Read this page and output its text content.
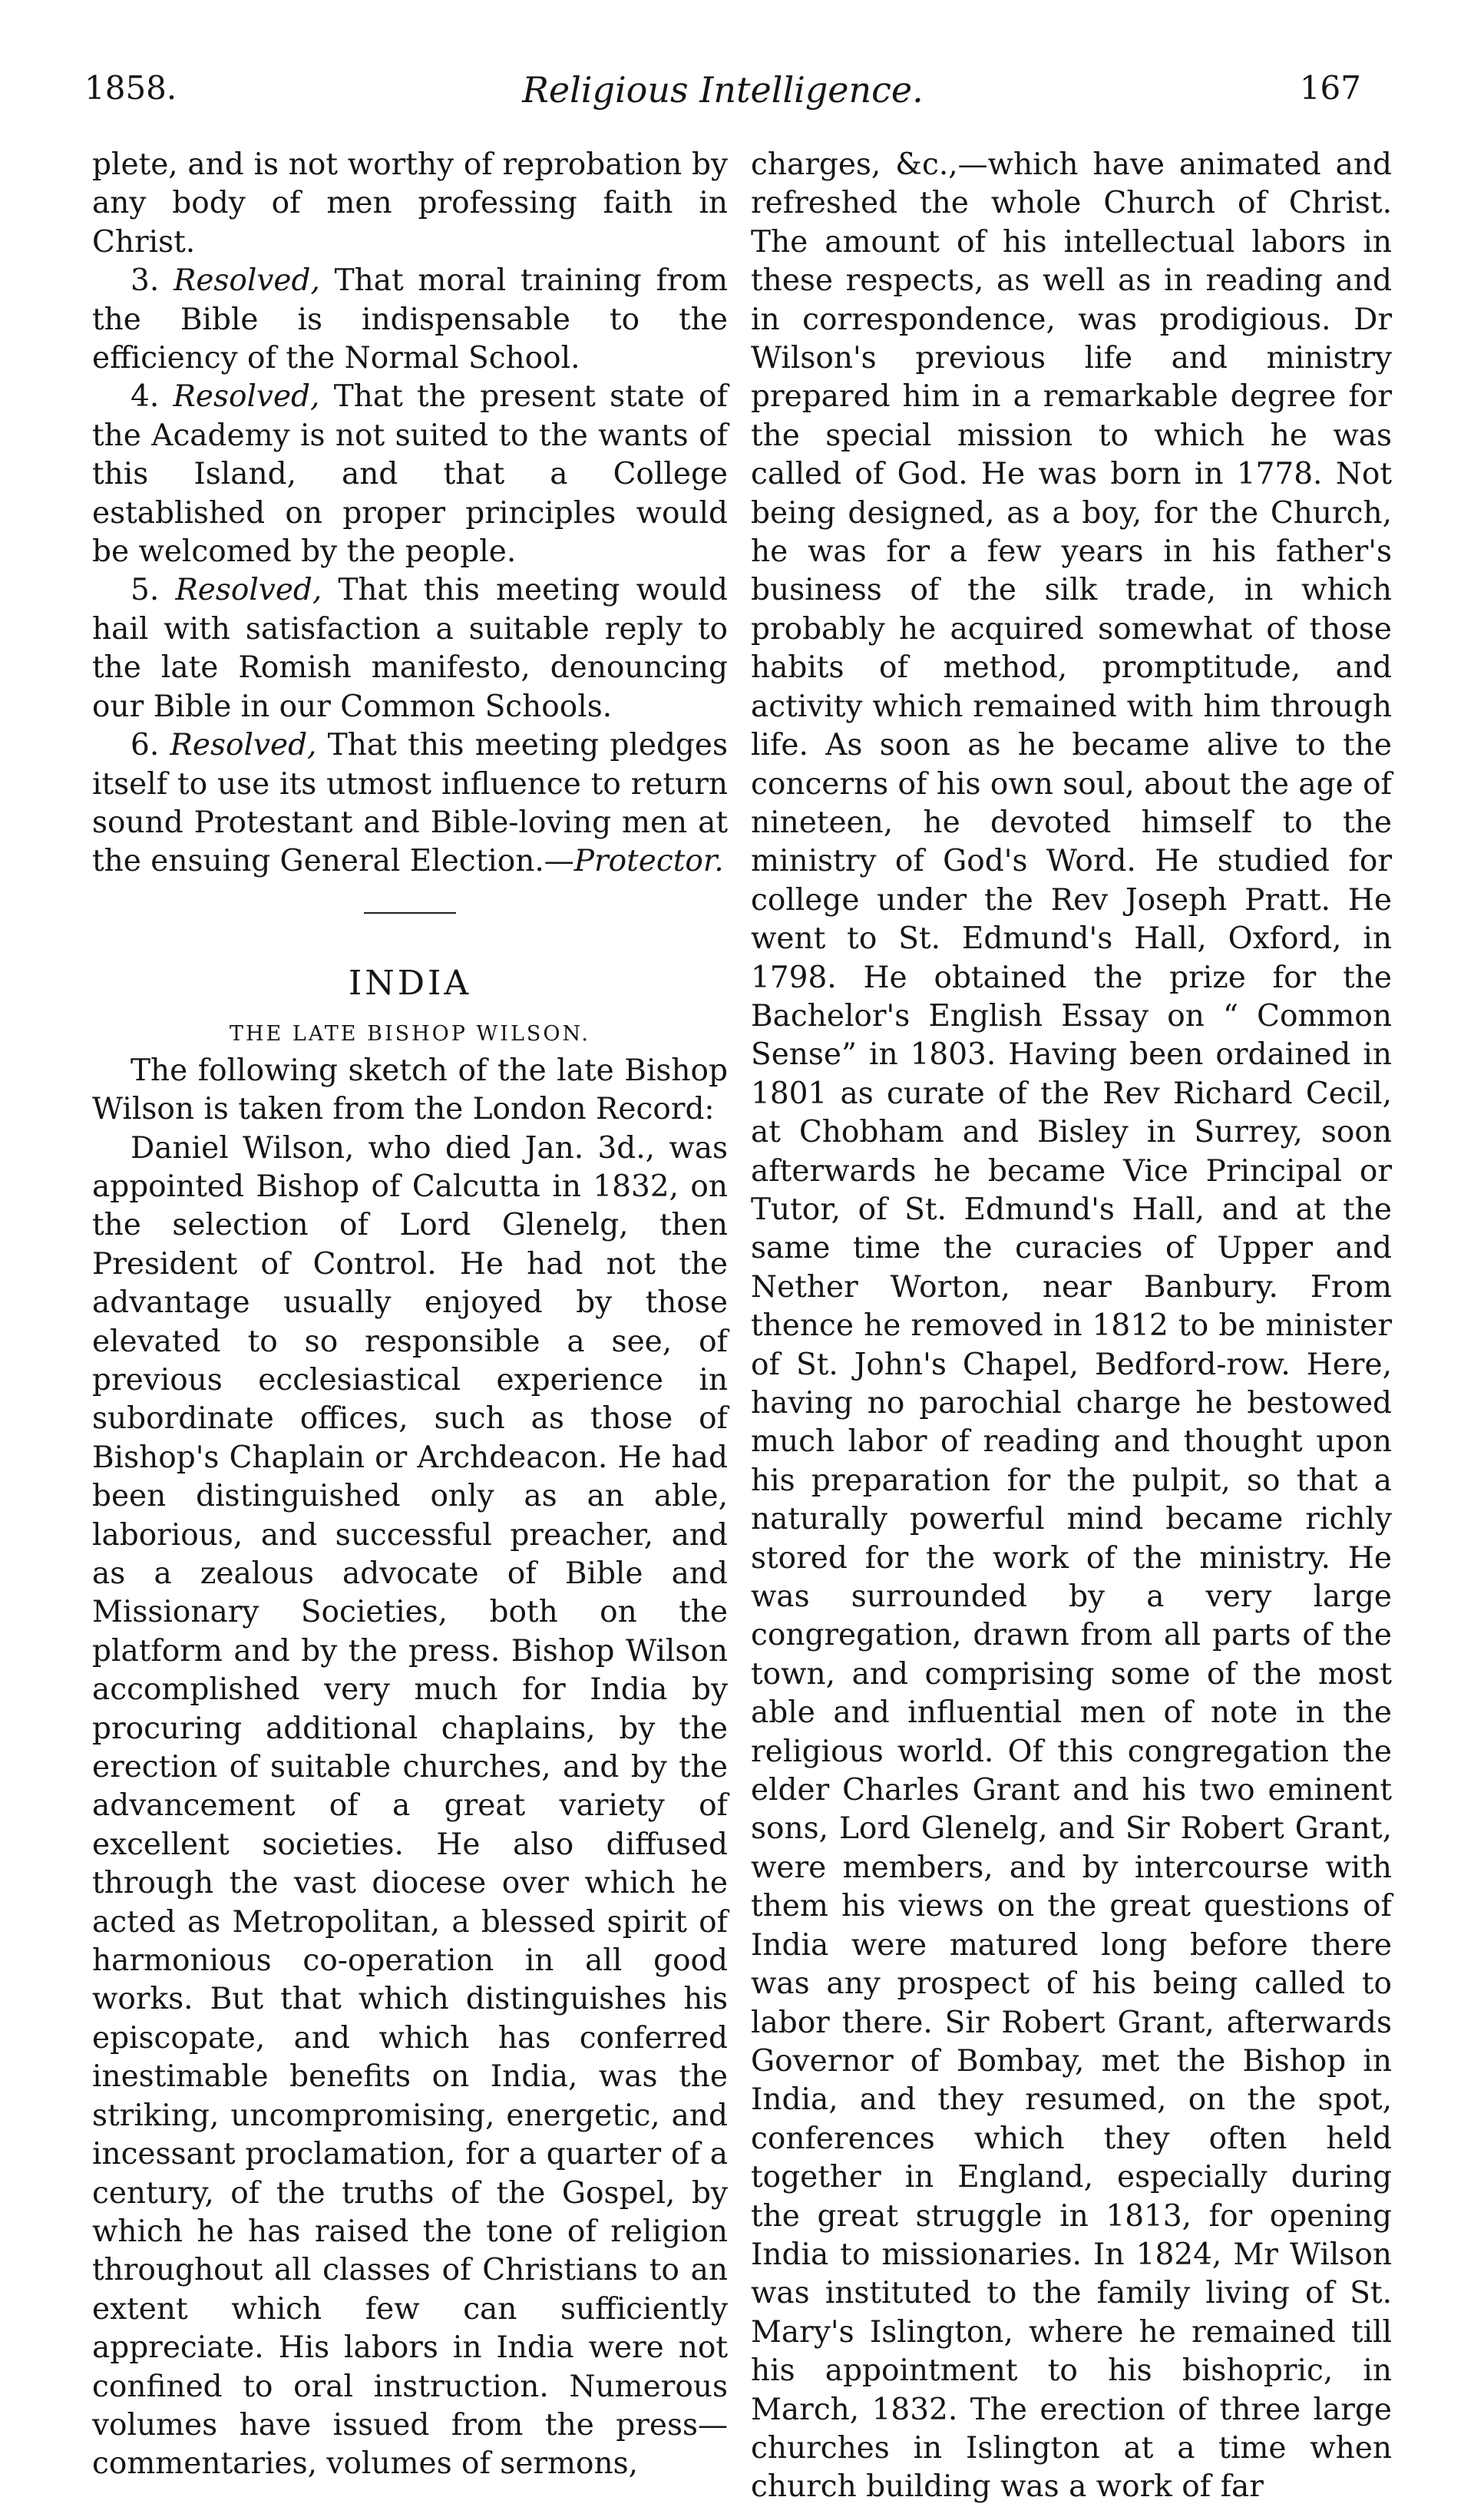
1858.	Religious Intelligence.	167

plete, and is not worthy of reprobation by any body of men professing faith in Christ.

3. Resolved, That moral training from the Bible is indispensable to the efficiency of the Normal School.

4. Resolved, That the present state of the Academy is not suited to the wants of this Island, and that a College established on proper principles would be welcomed by the people.

5. Resolved, That this meeting would hail with satisfaction a suitable reply to the late Romish manifesto, denouncing our Bible in our Common Schools.

6. Resolved, That this meeting pledges itself to use its utmost influence to return sound Protestant and Bible-loving men at the ensuing General Election.—Protector.

INDIA
THE LATE BISHOP WILSON.

The following sketch of the late Bishop Wilson is taken from the London Record:

Daniel Wilson, who died Jan. 3d., was appointed Bishop of Calcutta in 1832, on the selection of Lord Glenelg, then President of Control. He had not the advantage usually enjoyed by those elevated to so responsible a see, of previous ecclesiastical experience in subordinate offices, such as those of Bishop's Chaplain or Archdeacon. He had been distinguished only as an able, laborious, and successful preacher, and as a zealous advocate of Bible and Missionary Societies, both on the platform and by the press. Bishop Wilson accomplished very much for India by procuring additional chaplains, by the erection of suitable churches, and by the advancement of a great variety of excellent societies. He also diffused through the vast diocese over which he acted as Metropolitan, a blessed spirit of harmonious co-operation in all good works. But that which distinguishes his episcopate, and which has conferred inestimable benefits on India, was the striking, uncompromising, energetic, and incessant proclamation, for a quarter of a century, of the truths of the Gospel, by which he has raised the tone of religion throughout all classes of Christians to an extent which few can sufficiently appreciate. His labors in India were not confined to oral instruction. Numerous volumes have issued from the press—commentaries, volumes of sermons,

charges, &c.,—which have animated and refreshed the whole Church of Christ. The amount of his intellectual labors in these respects, as well as in reading and in correspondence, was prodigious. Dr Wilson's previous life and ministry prepared him in a remarkable degree for the special mission to which he was called of God. He was born in 1778. Not being designed, as a boy, for the Church, he was for a few years in his father's business of the silk trade, in which probably he acquired somewhat of those habits of method, promptitude, and activity which remained with him through life. As soon as he became alive to the concerns of his own soul, about the age of nineteen, he devoted himself to the ministry of God's Word. He studied for college under the Rev Joseph Pratt. He went to St. Edmund's Hall, Oxford, in 1798. He obtained the prize for the Bachelor's English Essay on “ Common Sense” in 1803. Having been ordained in 1801 as curate of the Rev Richard Cecil, at Chobham and Bisley in Surrey, soon afterwards he became Vice Principal or Tutor, of St. Edmund's Hall, and at the same time the curacies of Upper and Nether Worton, near Banbury. From thence he removed in 1812 to be minister of St. John's Chapel, Bedford-row. Here, having no parochial charge he bestowed much labor of reading and thought upon his preparation for the pulpit, so that a naturally powerful mind became richly stored for the work of the ministry. He was surrounded by a very large congregation, drawn from all parts of the town, and comprising some of the most able and influential men of note in the religious world. Of this congregation the elder Charles Grant and his two eminent sons, Lord Glenelg, and Sir Robert Grant, were members, and by intercourse with them his views on the great questions of India were matured long before there was any prospect of his being called to labor there. Sir Robert Grant, afterwards Governor of Bombay, met the Bishop in India, and they resumed, on the spot, conferences which they often held together in England, especially during the great struggle in 1813, for opening India to missionaries. In 1824, Mr Wilson was instituted to the family living of St. Mary's Islington, where he remained till his appointment to his bishopric, in March, 1832. The erection of three large churches in Islington at a time when church building was a work of far
